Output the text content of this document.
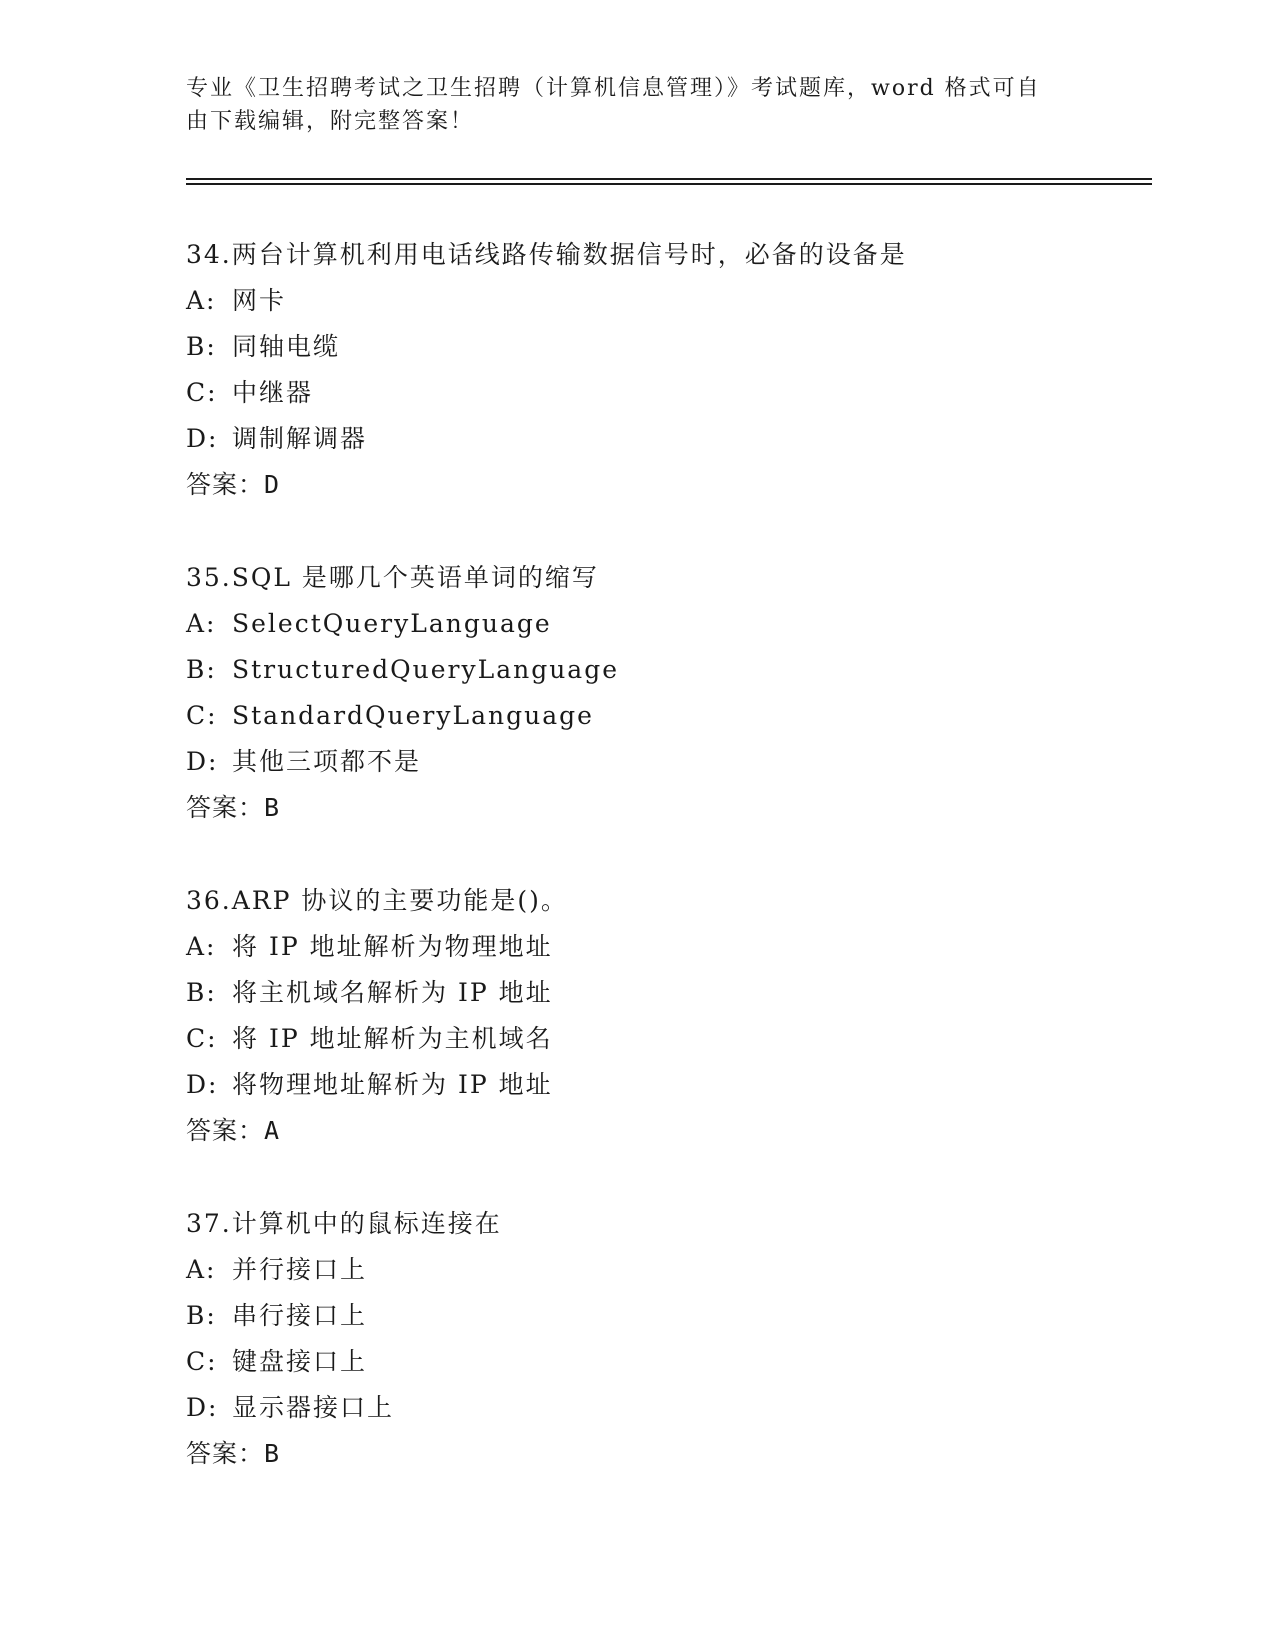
专业《卫生招聘考试之卫生招聘（计算机信息管理）》考试题库，word 格式可自
由下载编辑，附完整答案！
34.两台计算机利用电话线路传输数据信号时，必备的设备是
A: 网卡
B: 同轴电缆
C: 中继器
D: 调制解调器
答案：D
35.SQL 是哪几个英语单词的缩写
A: SelectQueryLanguage
B: StructuredQueryLanguage
C: StandardQueryLanguage
D: 其他三项都不是
答案：B
36.ARP 协议的主要功能是()。
A: 将 IP 地址解析为物理地址
B: 将主机域名解析为 IP 地址
C: 将 IP 地址解析为主机域名
D: 将物理地址解析为 IP 地址
答案：A
37.计算机中的鼠标连接在
A: 并行接口上
B: 串行接口上
C: 键盘接口上
D: 显示器接口上
答案：B
